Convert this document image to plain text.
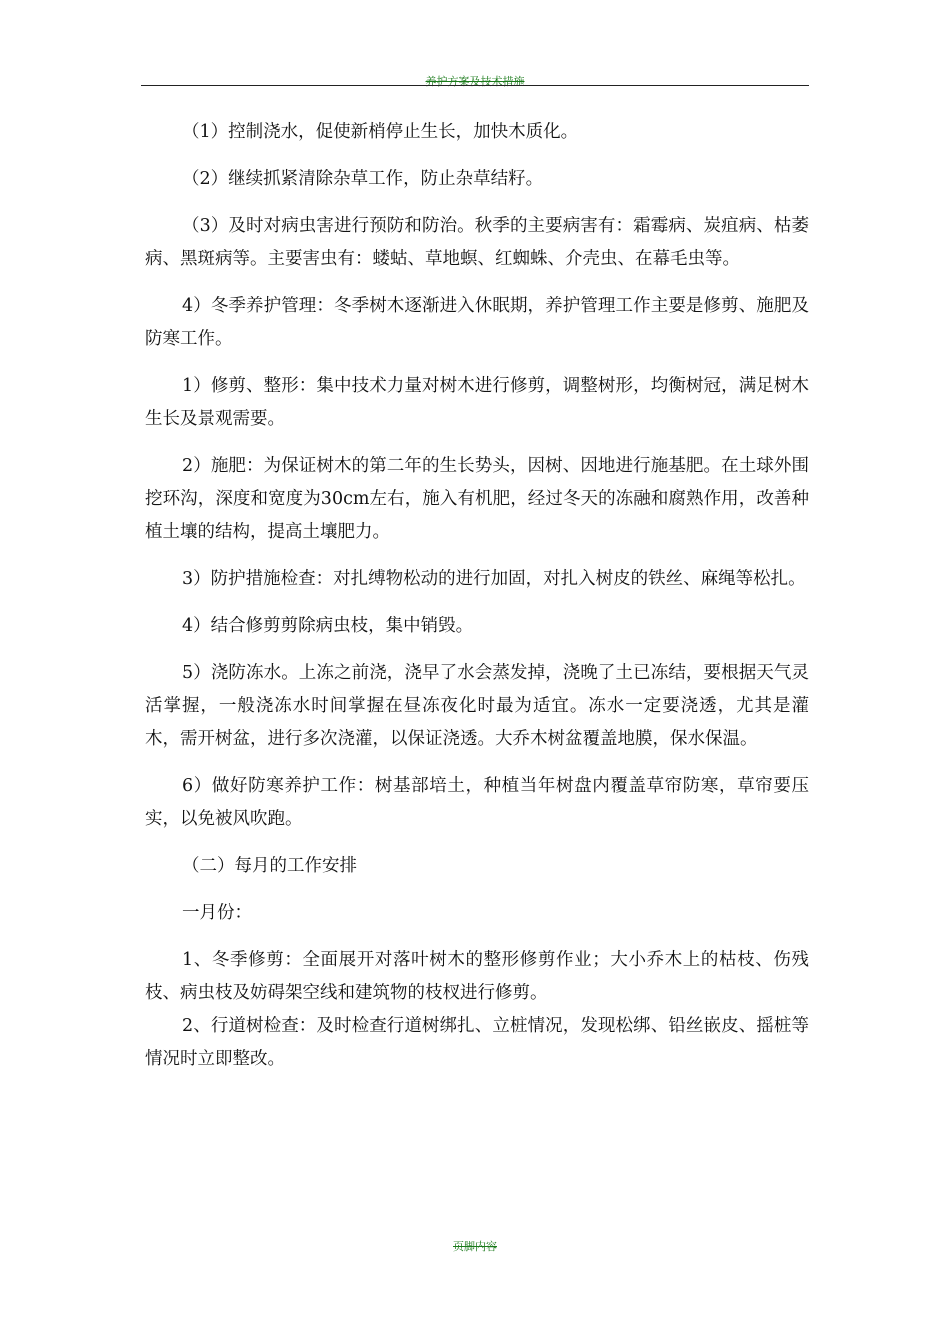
养护方案及技术措施

（1）控制浇水，促使新梢停止生长，加快木质化。

（2）继续抓紧清除杂草工作，防止杂草结籽。

（3）及时对病虫害进行预防和防治。秋季的主要病害有：霜霉病、炭疽病、枯萎病、黑斑病等。主要害虫有：蝼蛄、草地螟、红蜘蛛、介壳虫、在幕毛虫等。

4）冬季养护管理：冬季树木逐渐进入休眠期，养护管理工作主要是修剪、施肥及防寒工作。

1）修剪、整形：集中技术力量对树木进行修剪，调整树形，均衡树冠，满足树木生长及景观需要。

2）施肥：为保证树木的第二年的生长势头，因树、因地进行施基肥。在土球外围挖环沟，深度和宽度为30cm左右，施入有机肥，经过冬天的冻融和腐熟作用，改善种植土壤的结构，提高土壤肥力。

3）防护措施检查：对扎缚物松动的进行加固，对扎入树皮的铁丝、麻绳等松扎。

4）结合修剪剪除病虫枝，集中销毁。

5）浇防冻水。上冻之前浇，浇早了水会蒸发掉，浇晚了土已冻结，要根据天气灵活掌握，一般浇冻水时间掌握在昼冻夜化时最为适宜。冻水一定要浇透，尤其是灌木，需开树盆，进行多次浇灌，以保证浇透。大乔木树盆覆盖地膜，保水保温。

6）做好防寒养护工作：树基部培土，种植当年树盘内覆盖草帘防寒，草帘要压实，以免被风吹跑。

（二）每月的工作安排

一月份：

1、冬季修剪：全面展开对落叶树木的整形修剪作业；大小乔木上的枯枝、伤残枝、病虫枝及妨碍架空线和建筑物的枝杈进行修剪。

2、行道树检查：及时检查行道树绑扎、立桩情况，发现松绑、铅丝嵌皮、摇桩等情况时立即整改。

页脚内容
